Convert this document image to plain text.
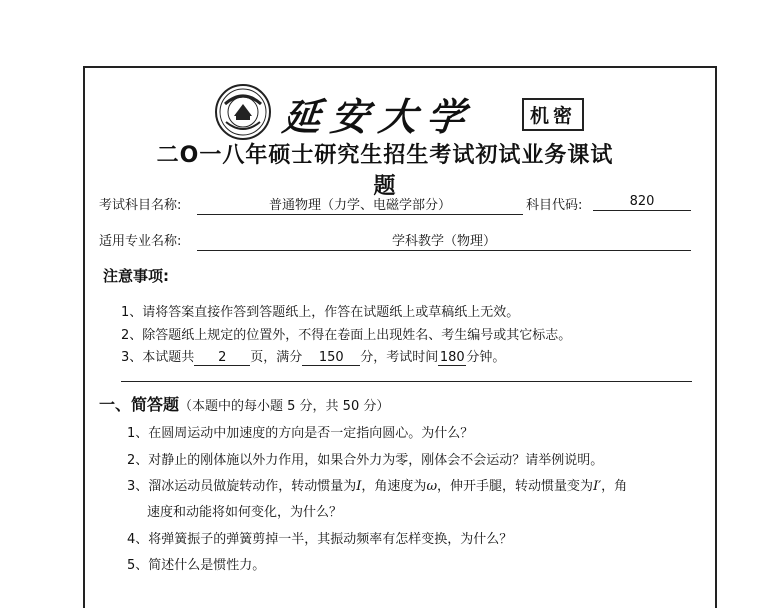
延安大学	机密
二O一八年硕士研究生招生考试初试业务课试题
考试科目名称:	普通物理（力学、电磁学部分）	科目代码:	820
适用专业名称:	学科教学（物理）
注意事项:
1、请将答案直接作答到答题纸上，作答在试题纸上或草稿纸上无效。
2、除答题纸上规定的位置外，不得在卷面上出现姓名、考生编号或其它标志。
3、本试题共 2 页，满分 150 分，考试时间 180 分钟。
一、简答题（本题中的每小题 5 分，共 50 分）
1、在圆周运动中加速度的方向是否一定指向圆心。为什么？
2、对静止的刚体施以外力作用，如果合外力为零，刚体会不会运动？请举例说明。
3、溜冰运动员做旋转动作，转动惯量为I，角速度为ω，伸开手腿，转动惯量变为I′，角
速度和动能将如何变化，为什么？
4、将弹簧振子的弹簧剪掉一半，其振动频率有怎样变换，为什么？
5、简述什么是惯性力。
